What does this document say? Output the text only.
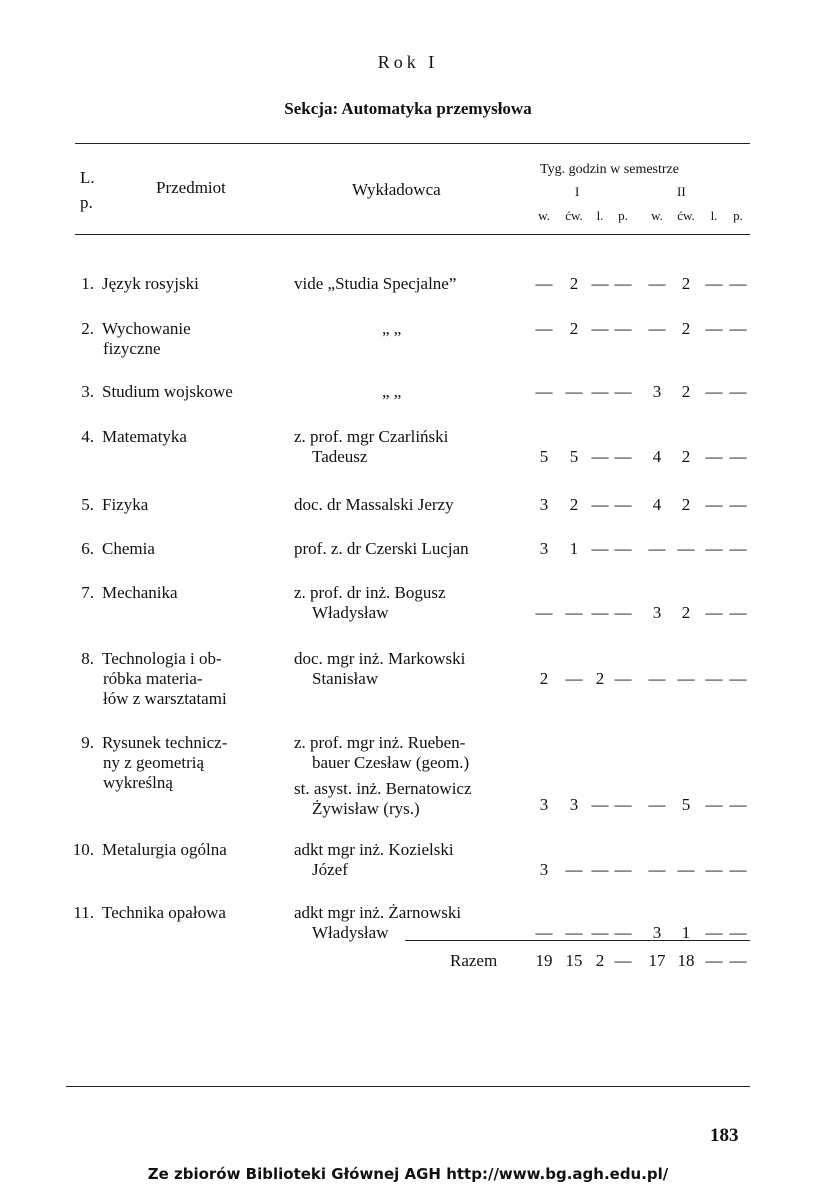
Rok I
Sekcja: Automatyka przemysłowa
L.
p.
Przedmiot	Wykładowca
Tyg. godzin w semestrze
I	II
w.	ćw.	l.	p.	w.	ćw.	l.	p.
1. Język rosyjski	vide „Studia Specjalne”	—	2 — — — 2 — —
2. Wychowanie
fizyczne
„ „	—	2 — — — 2 — —
3. Studium wojskowe	„ „	— — — —	3	2 — —
4. Matematyka	z. prof. mgr Czarliński
Tadeusz	5	5 — —	4	2 — —
5. Fizyka	doc. dr Massalski Jerzy	3	2 — —	4	2 — —
6. Chemia	prof. z. dr Czerski Lucjan	3	1 — — — — — —
7. Mechanika	z. prof. dr inż. Bogusz
Władysław	— — — —	3	2 — —
8. Technologia i ob-
róbka materia-
łów z warsztatami
doc. mgr inż. Markowski
Stanisław	2	— 2 — — — — —
9. Rysunek technicz-
ny z geometrią
wykreślną
z. prof. mgr inż. Rueben-
bauer Czesław (geom.)
st. asyst. inż. Bernatowicz
Żywisław (rys.)	3	3 — — — 5 — —
10. Metalurgia ogólna	adkt mgr inż. Kozielski
Józef	3	— — — — — — —
11. Technika opałowa	adkt mgr inż. Żarnowski
Władysław	— — — —	3	1 — —
Razem 19 15 2 — 17 18 — —
183
Ze zbiorów Biblioteki Głównej AGH http://www.bg.agh.edu.pl/
